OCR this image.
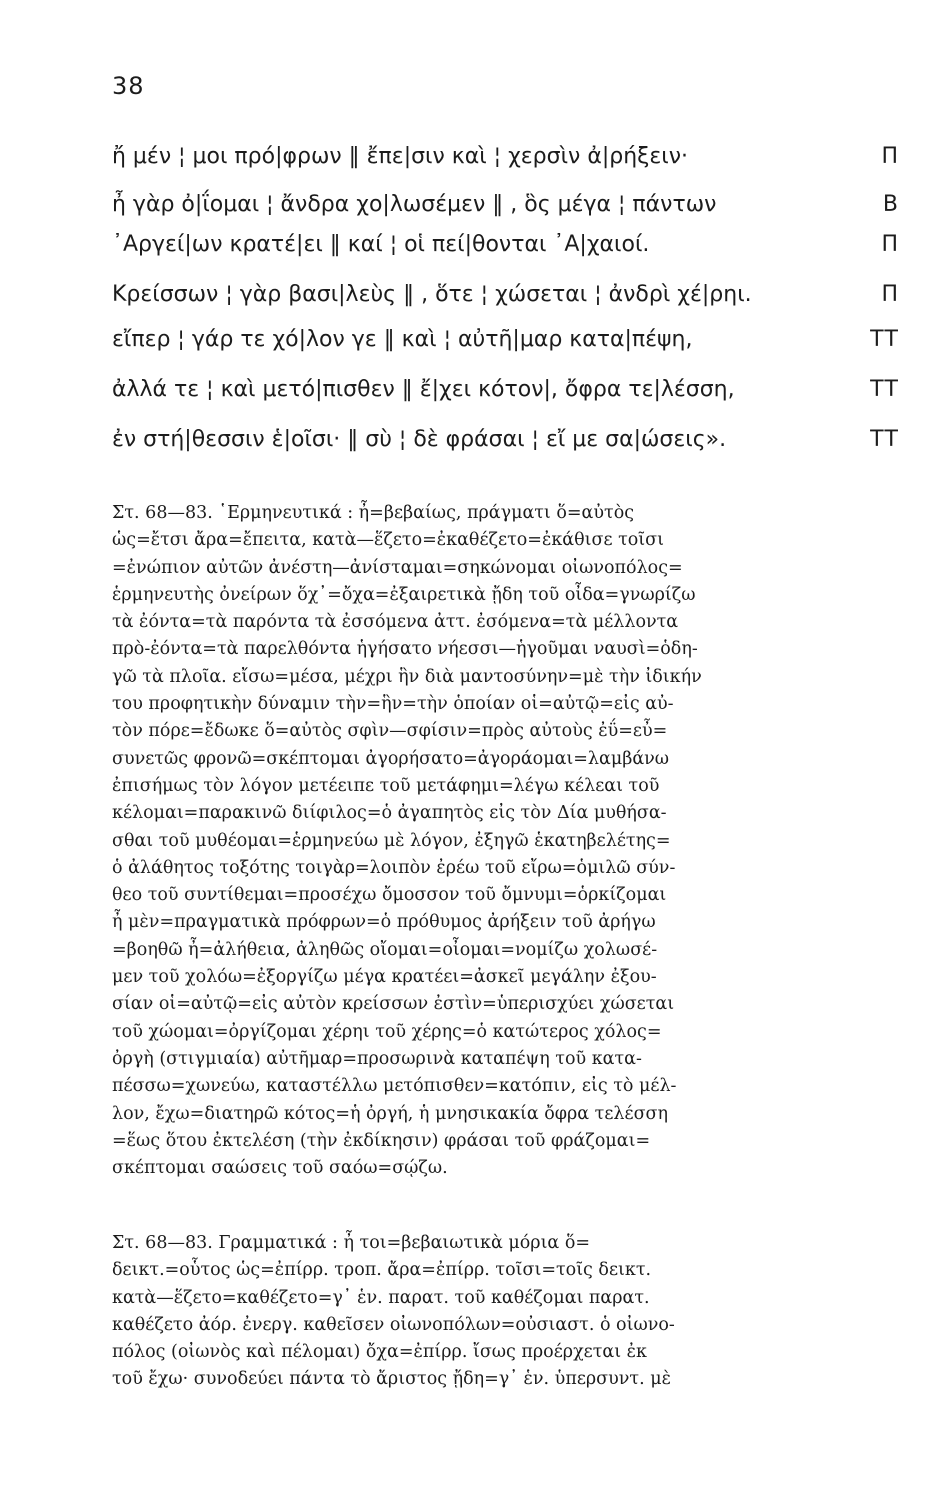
38
ἤ μέν ¦ μοι πρό|φρων ‖ ἔπε|σιν καὶ ¦ χερσὶν ἀ|ρήξειν·	Π
ἦ γὰρ ὀ|ΐομαι ¦ ἄνδρα χο|λωσέμεν ‖ , ὃς μέγα ¦ πάντων	Β
᾿Αργεί|ων κρατέ|ει ‖ καί ¦ οἱ πεί|θονται ᾿Α|χαιοί.	Π
Κρείσσων ¦ γὰρ βασι|λεὺς ‖ , ὅτε ¦ χώσεται ¦ ἀνδρὶ χέ|ρηι.	Π
εἴπερ ¦ γάρ τε χό|λον γε ‖ καὶ ¦ αὐτῆ|μαρ κατα|πέψη,	ΤΤ
ἀλλά τε ¦ καὶ μετό|πισθεν ‖ ἔ|χει κότον|, ὄφρα τε|λέσση,	ΤΤ
ἐν στή|θεσσιν ἑ|οῖσι· ‖ σὺ ¦ δὲ φράσαι ¦ εἴ με σα|ώσεις».	ΤΤ
Στ. 68—83. ῾Ερμηνευτικά : ἦ=βεβαίως, πράγματι ὅ=αὐτὸς
ὡς=ἔτσι ἄρα=ἔπειτα, κατὰ—ἕζετο=ἐκαθέζετο=ἐκάθισε τοῖσι
=ἐνώπιον αὐτῶν ἀνέστη—ἀνίσταμαι=σηκώνομαι οἰωνοπόλος=
ἑρμηνευτὴς ὀνείρων ὅχ᾿=ὄχα=ἐξαιρετικὰ ᾔδη τοῦ οἶδα=γνωρίζω
τὰ ἐόντα=τὰ παρόντα τὰ ἐσσόμενα ἀττ. ἐσόμενα=τὰ μέλλοντα
πρὸ-ἐόντα=τὰ παρελθόντα ἡγήσατο νήεσσι—ἡγοῦμαι ναυσὶ=ὁδη-
γῶ τὰ πλοῖα. εἴσω=μέσα, μέχρι ἣν διὰ μαντοσύνην=μὲ τὴν ἰδικήν
του προφητικὴν δύναμιν τὴν=ἣν=τὴν ὁποίαν οἱ=αὐτῷ=εἰς αὐ-
τὸν πόρε=ἔδωκε ὅ=αὐτὸς σφὶν—σφίσιν=πρὸς αὐτοὺς ἐΰ=εὖ=
συνετῶς φρονῶ=σκέπτομαι ἀγορήσατο=ἀγοράομαι=λαμβάνω
ἐπισήμως τὸν λόγον μετέειπε τοῦ μετάφημι=λέγω κέλεαι τοῦ
κέλομαι=παρακινῶ διίφιλος=ὁ ἀγαπητὸς εἰς τὸν Δία μυθήσα-
σθαι τοῦ μυθέομαι=ἑρμηνεύω μὲ λόγον, ἐξηγῶ ἑκατηβελέτης=
ὁ ἀλάθητος τοξότης τοιγὰρ=λοιπὸν ἐρέω τοῦ εἴρω=ὁμιλῶ σύν-
θεο τοῦ συντίθεμαι=προσέχω ὄμοσσον τοῦ ὄμνυμι=ὁρκίζομαι
ἦ μὲν=πραγματικὰ πρόφρων=ὁ πρόθυμος ἀρήξειν τοῦ ἀρήγω
=βοηθῶ ἦ=ἀλήθεια, ἀληθῶς οἴομαι=οἶομαι=νομίζω χολωσέ-
μεν τοῦ χολόω=ἐξοργίζω μέγα κρατέει=ἀσκεῖ μεγάλην ἐξου-
σίαν οἱ=αὐτῷ=εἰς αὐτὸν κρείσσων ἐστὶν=ὑπερισχύει χώσεται
τοῦ χώομαι=ὀργίζομαι χέρηι τοῦ χέρης=ὁ κατώτερος χόλος=
ὀργὴ (στιγμιαία) αὐτῆμαρ=προσωρινὰ καταπέψη τοῦ κατα-
πέσσω=χωνεύω, καταστέλλω μετόπισθεν=κατόπιν, εἰς τὸ μέλ-
λον, ἔχω=διατηρῶ κότος=ἡ ὀργή, ἡ μνησικακία ὄφρα τελέσση
=ἕως ὅτου ἐκτελέση (τὴν ἐκδίκησιν) φράσαι τοῦ φράζομαι=
σκέπτομαι σαώσεις τοῦ σαόω=σῴζω.
Στ. 68—83. Γραμματικά : ἦ τοι=βεβαιωτικὰ μόρια ὅ=
δεικτ.=οὗτος ὡς=ἐπίρρ. τροπ. ἄρα=ἐπίρρ. τοῖσι=τοῖς δεικτ.
κατὰ—ἕζετο=καθέζετο=γ᾿ ἑν. παρατ. τοῦ καθέζομαι παρατ.
καθέζετο ἀόρ. ἐνεργ. καθεῖσεν οἰωνοπόλων=οὐσιαστ. ὁ οἰωνο-
πόλος (οἰωνὸς καὶ πέλομαι) ὄχα=ἐπίρρ. ἴσως προέρχεται ἐκ
τοῦ ἔχω· συνοδεύει πάντα τὸ ἄριστος ᾔδη=γ᾿ ἑν. ὑπερσυντ. μὲ
